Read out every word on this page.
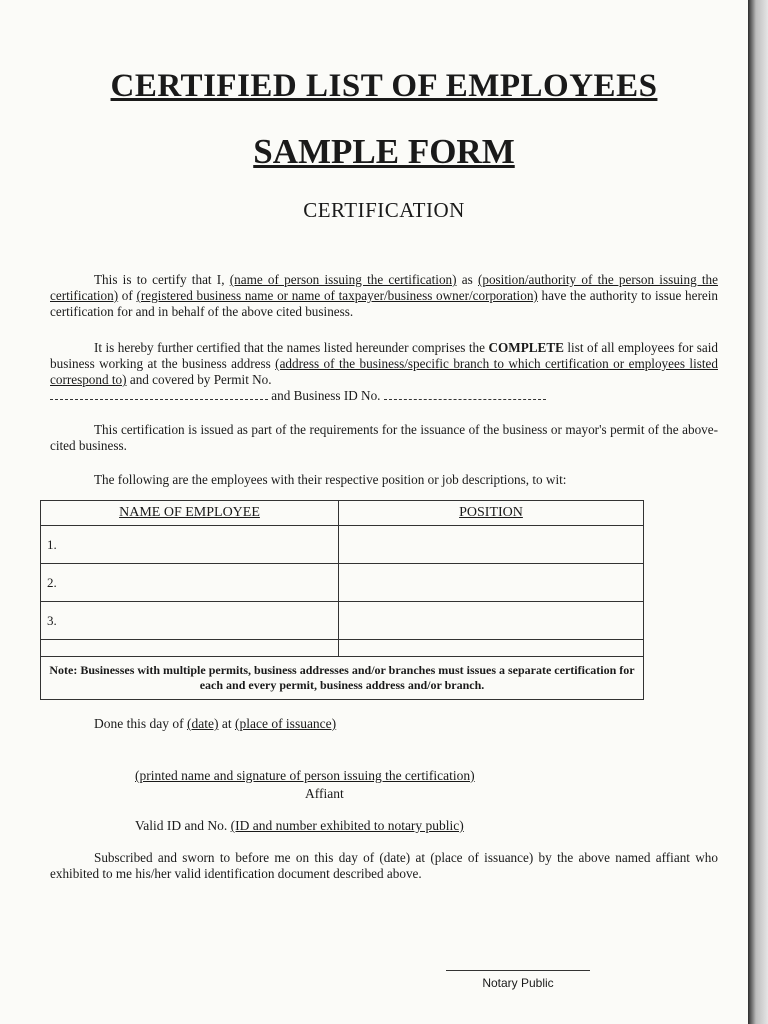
CERTIFIED LIST OF EMPLOYEES
SAMPLE FORM
CERTIFICATION
This is to certify that I, (name of person issuing the certification) as (position/authority of the person issuing the certification) of (registered business name or name of taxpayer/business owner/corporation) have the authority to issue herein certification for and in behalf of the above cited business.
It is hereby further certified that the names listed hereunder comprises the COMPLETE list of all employees for said business working at the business address (address of the business/specific branch to which certification or employees listed correspond to) and covered by Permit No.
and Business ID No.
This certification is issued as part of the requirements for the issuance of the business or mayor's permit of the above-cited business.
The following are the employees with their respective position or job descriptions, to wit:
NAME OF EMPLOYEE	POSITION
1.	
2.	
3.	

Note: Businesses with multiple permits, business addresses and/or branches must issues a separate certification for each and every permit, business address and/or branch.	
Done this day of (date) at (place of issuance)
(printed name and signature of person issuing the certification)
Affiant
Valid ID and No. (ID and number exhibited to notary public)
Subscribed and sworn to before me on this day of (date) at (place of issuance) by the above named affiant who exhibited to me his/her valid identification document described above.
Notary Public
